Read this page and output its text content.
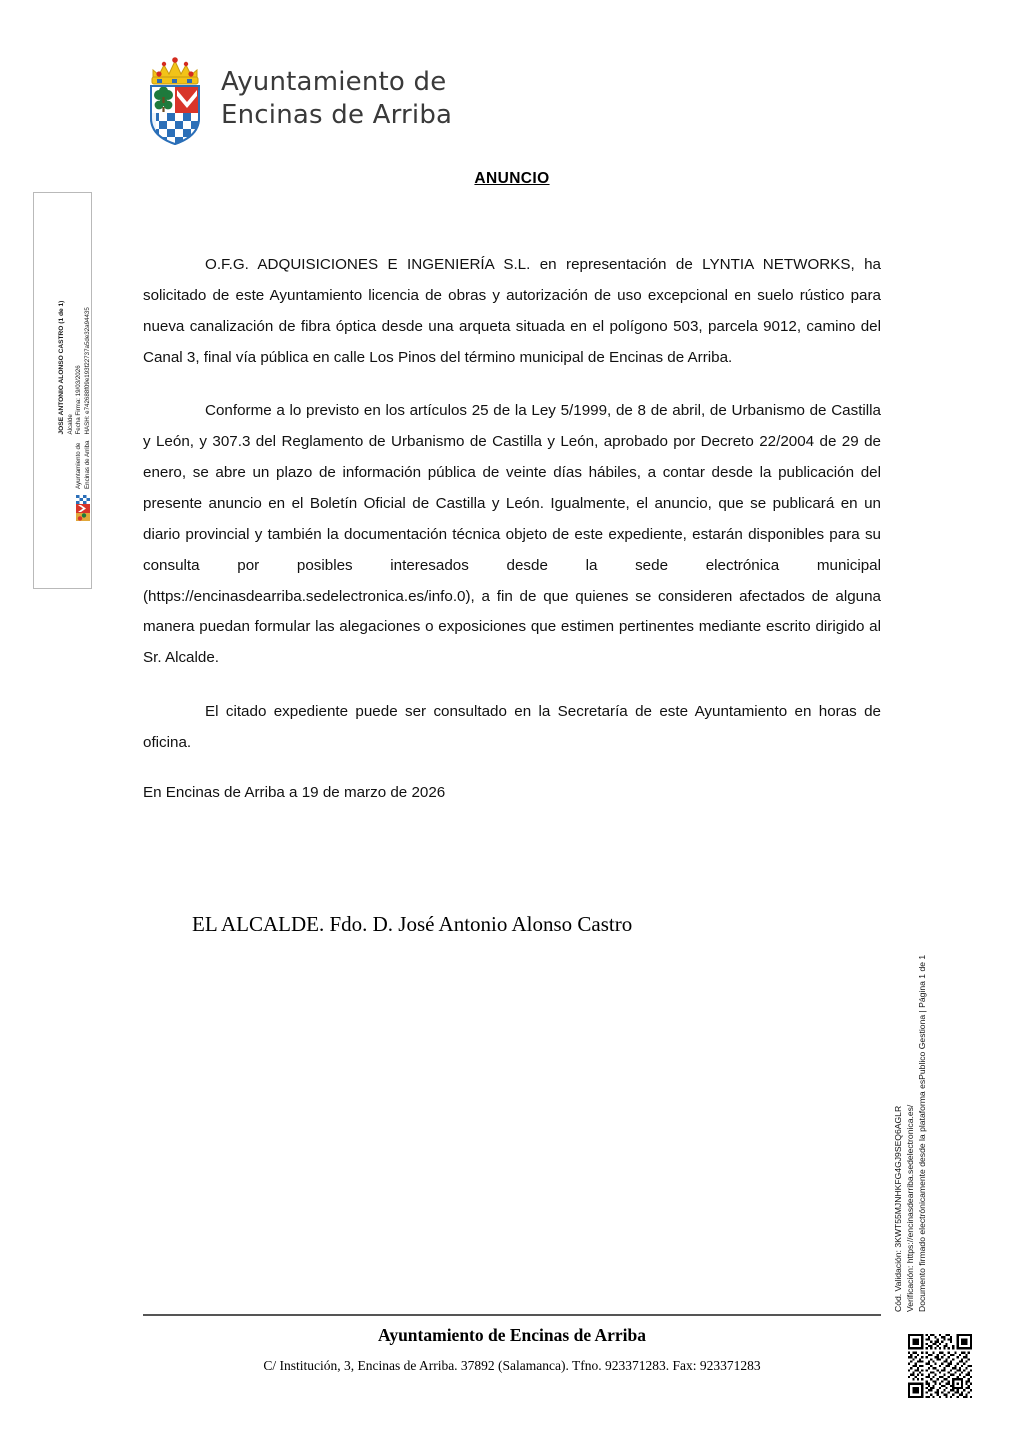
Ayuntamiento de
Encinas de Arriba
Ayuntamiento de Encinas de Arriba
JOSE ANTONIO ALONSO CASTRO (1 de 1) Alcalde Fecha Firma: 19/03/2026 HASH: e742688f09e193f22737a5de32a94435
ANUNCIO

O.F.G. ADQUISICIONES E INGENIERÍA S.L. en representación de LYNTIA NETWORKS, ha solicitado de este Ayuntamiento licencia de obras y autorización de uso excepcional en suelo rústico para nueva canalización de fibra óptica desde una arqueta situada en el polígono 503, parcela 9012, camino del Canal 3, final vía pública en calle Los Pinos del término municipal de Encinas de Arriba.

Conforme a lo previsto en los artículos 25 de la Ley 5/1999, de 8 de abril, de Urbanismo de Castilla y León, y 307.3 del Reglamento de Urbanismo de Castilla y León, aprobado por Decreto 22/2004 de 29 de enero, se abre un plazo de información pública de veinte días hábiles, a contar desde la publicación del presente anuncio en el Boletín Oficial de Castilla y León. Igualmente, el anuncio, que se publicará en un diario provincial y también la documentación técnica objeto de este expediente, estarán disponibles para su consulta por posibles interesados desde la sede electrónica municipal (https://encinasdearriba.sedelectronica.es/info.0), a fin de que quienes se consideren afectados de alguna manera puedan formular las alegaciones o exposiciones que estimen pertinentes mediante escrito dirigido al Sr. Alcalde.

El citado expediente puede ser consultado en la Secretaría de este Ayuntamiento en horas de oficina.

En Encinas de Arriba a 19 de marzo de 2026

EL ALCALDE. Fdo. D. José Antonio Alonso Castro
Cód. Validación: 3KWT55MJNHKFG4GJ9SEQ6AGLR Verificación: https://encinasdearriba.sedelectronica.es/ Documento firmado electrónicamente desde la plataforma esPublico Gestiona | Página 1 de 1
Ayuntamiento de Encinas de Arriba
C/ Institución, 3, Encinas de Arriba. 37892 (Salamanca). Tfno. 923371283. Fax: 923371283
